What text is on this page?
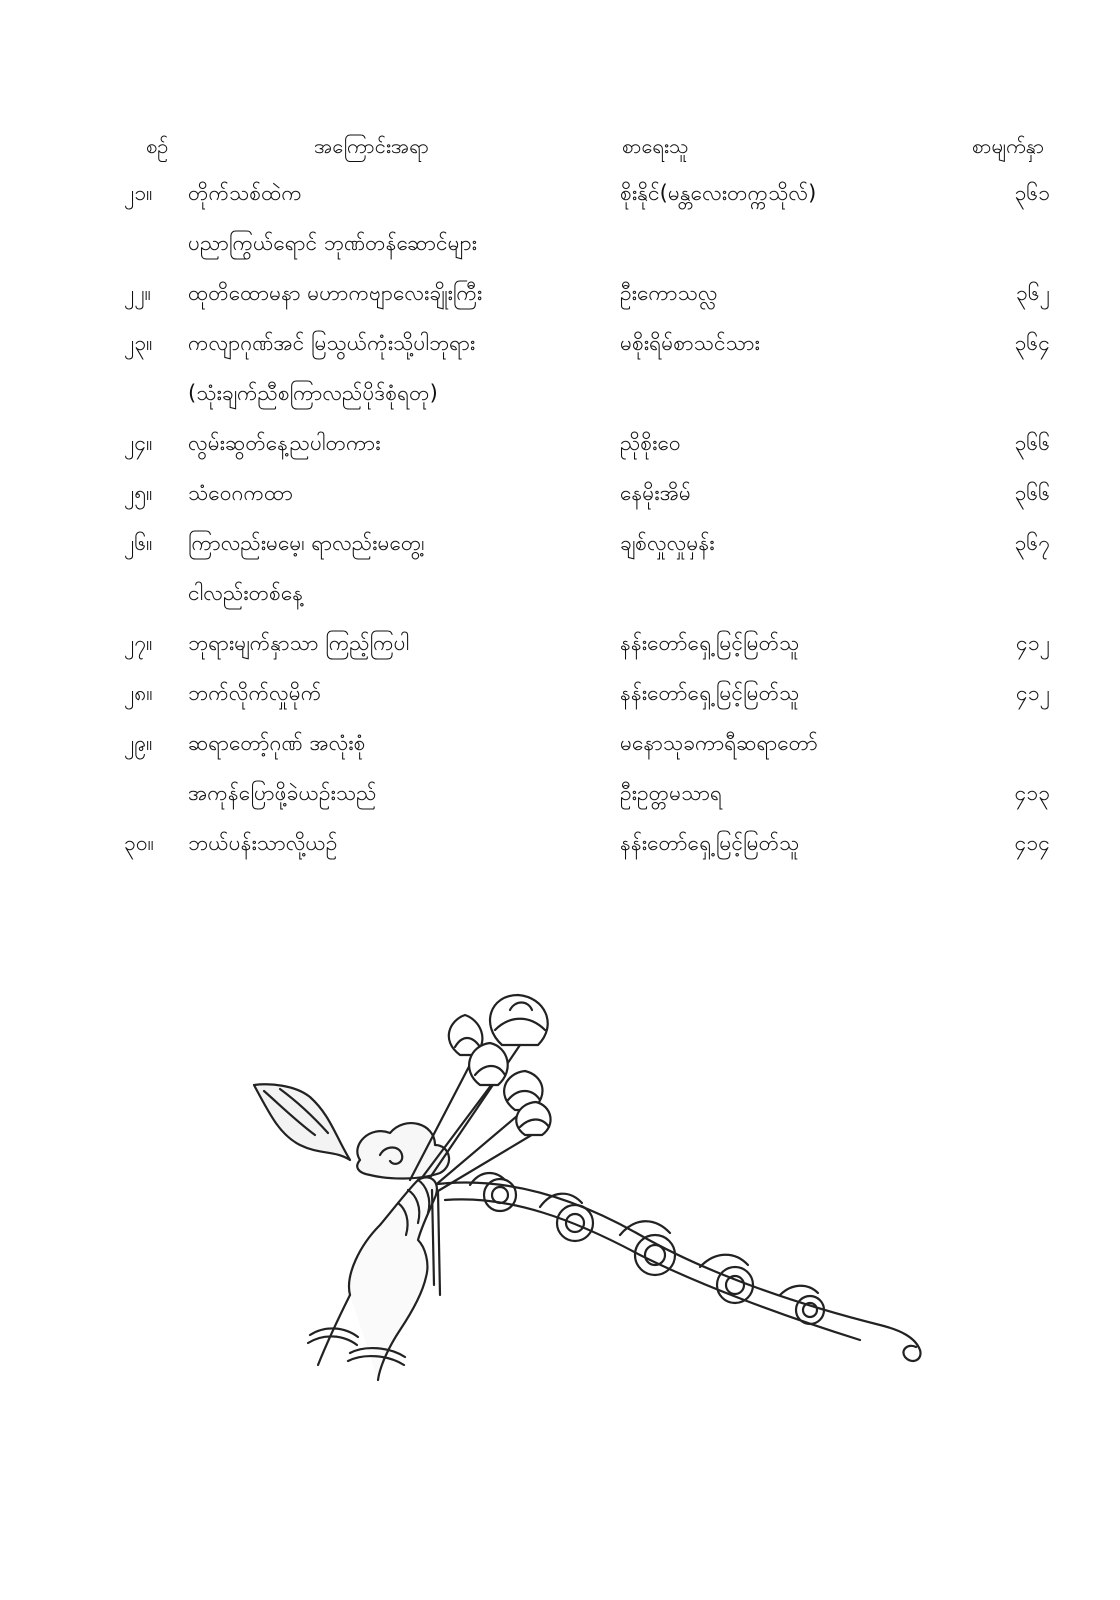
စဉ်	အကြောင်းအရာ	စာရေးသူ	စာမျက်နှာ
၂၁။ တိုက်သစ်ထဲက	စိုးနိုင်(မန္တလေးတက္ကသိုလ်)	၃၆၁
ပညာကြွယ်ရောင် ဘုဏ်တန်ဆောင်များ
၂၂။ ထုတိထောမနာ မဟာကဗျာလေးချိုးကြီး	ဦးကောသလ္လ	၃၆၂
၂၃။ ကလျာဂုဏ်အင် မြသွယ်ကုံးသို့ပါဘုရား	မစိုးရိမ်စာသင်သား	၃၆၄
(သုံးချက်ညီစကြာလည်ပိုဒ်စုံရတု)
၂၄။ လွမ်းဆွတ်နေ့ညပါတကား	ညိုစိုးဝေ	၃၆၆
၂၅။ သံဝေဂကထာ	နေမိုးအိမ်	၃၆၆
၂၆။ ကြာလည်းမမေ့၊ ရာလည်းမတွေ့၊	ချစ်လှုလှုမှန်း	၃၆၇
ငါလည်းတစ်နေ့
၂၇။ ဘုရားမျက်နှာသာ ကြည့်ကြပါ	နန်းတော်ရှေ့မြင့်မြတ်သူ	၄၁၂
၂၈။ ဘက်လိုက်လှုမိုက်	နန်းတော်ရှေ့မြင့်မြတ်သူ	၄၁၂
၂၉။ ဆရာတော့်ဂုဏ် အလုံးစုံ	မနောသုခကာရီဆရာတော်
အကုန်ပြောဖို့ခဲယဉ်းသည်	ဦးဥတ္တမသာရ	၄၁၃
၃၀။ ဘယ်ပန်းသာလို့ယဉ်	နန်းတော်ရှေ့မြင့်မြတ်သူ	၄၁၄
